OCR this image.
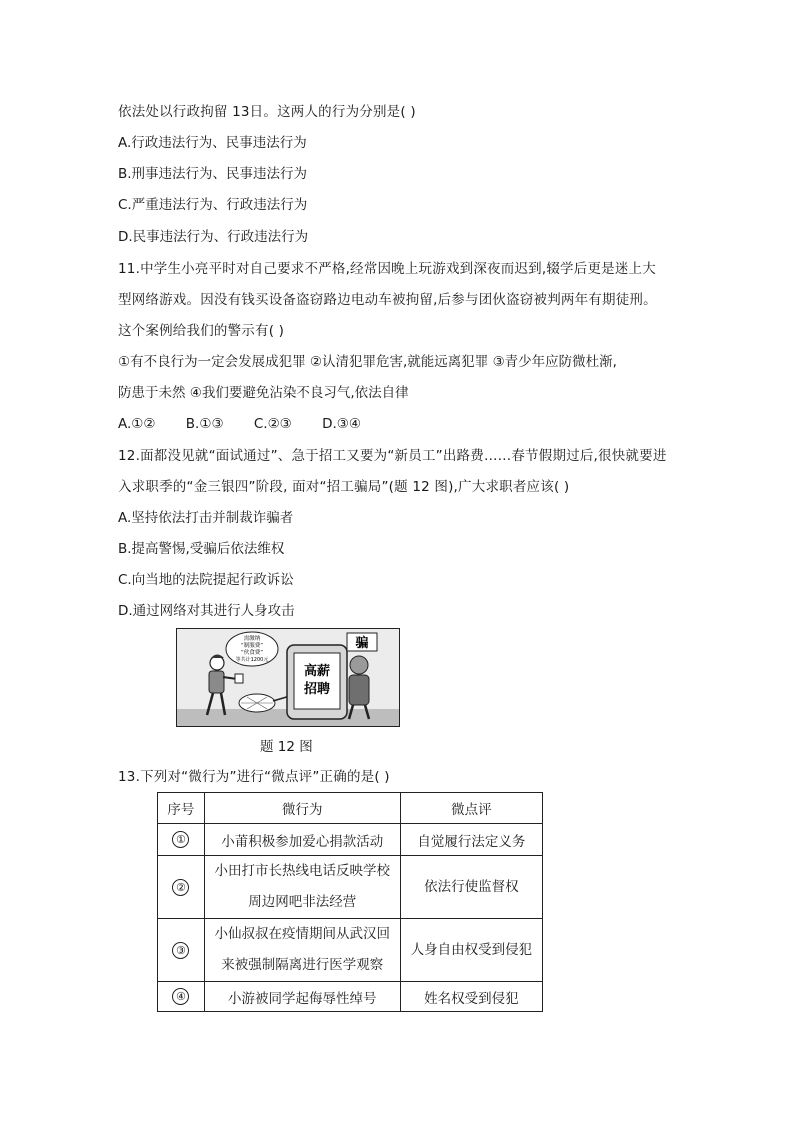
依法处以行政拘留 13日。这两人的行为分别是( )
A.行政违法行为、民事违法行为
B.刑事违法行为、民事违法行为
C.严重违法行为、行政违法行为
D.民事违法行为、行政违法行为
11.中学生小亮平时对自己要求不严格,经常因晚上玩游戏到深夜而迟到,辍学后更是迷上大
型网络游戏。因没有钱买设备盗窃路边电动车被拘留,后参与团伙盗窃被判两年有期徒刑。
这个案例给我们的警示有( )
①有不良行为一定会发展成犯罪 ②认清犯罪危害,就能远离犯罪 ③青少年应防微杜渐,
防患于未然 ④我们要避免沾染不良习气,依法自律
A.①② B.①③ C.②③ D.③④
12.面都没见就“面试通过”、急于招工又要为“新员工”出路费……春节假期过后,很快就要进
入求职季的“金三银四”阶段, 面对“招工骗局”(题 12 图),广大求职者应该( )
A.坚持依法打击并制裁诈骗者
B.提高警惕,受骗后依法维权
C.向当地的法院提起行政诉讼
D.通过网络对其进行人身攻击
需缴纳
“制服费”
“伙食费”
等共计1200元
高薪
招聘
骗
题 12 图
13.下列对“微行为”进行“微点评”正确的是( )
序号	微行为	微点评
①	小莆积极参加爱心捐款活动	自觉履行法定义务
②	小田打市长热线电话反映学校
周边网吧非法经营	依法行使监督权
③	小仙叔叔在疫情期间从武汉回
来被强制隔离进行医学观察	人身自由权受到侵犯
④	小游被同学起侮辱性绰号	姓名权受到侵犯
